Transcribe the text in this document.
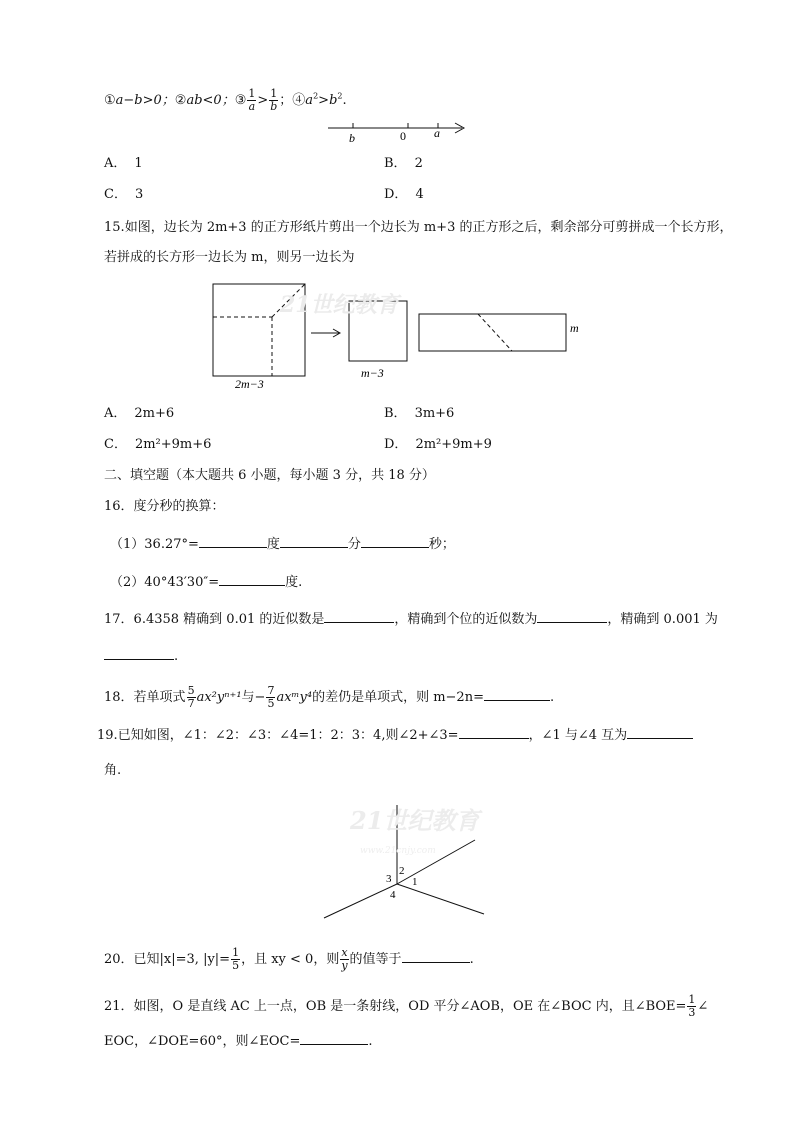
①a−b>0；②ab<0；③ $\frac{1}{a} > \frac{1}{b}$ ；$④a^2>b^2$.
b	0 a
A． 1	B． 2
C． 3	D． 4
15.如图，边长为 2m+3 的正方形纸片剪出一个边长为 m+3 的正方形之后，剩余部分可剪拼成一个长方形，
若拼成的长方形一边长为 m，则另一边长为
2m−3
m−3
m
21世纪教育
A． 2m+6	B． 3m+6
C． 2m²+9m+6	D． 2m²+9m+9
二、填空题（本大题共 6 小题，每小题 3 分，共 18 分）
16．度分秒的换算：
（1）36.27°=	度	分	秒；
（2）40°43′30″=	度.
17．6.4358 精确到 0.01 的近似数是	，精确到个位的近似数为	，精确到 0.001 为
.
18．若单项式 $\frac{5}{7} ax^2y^{n+1}$与− $\frac{7}{5}$ axᵐy⁴的差仍是单项式，则 m−2n=	.
19.已知如图，∠1：∠2：∠3：∠4=1：2：3：4,则∠2+∠3=	，∠1 与∠4 互为
角.
1
2
3
4
21世纪教育
www.21cnjy.com
20．已知|x|=3, $|y|= \frac{1}{5}$ ，且 xy < 0，则 $\frac{x}{y}$ 的值等于	.
21．如图，O 是直线 AC 上一点，OB 是一条射线，OD 平分∠AOB，OE 在∠BOC 内，且∠BOE= $\frac{1}{3}$ ∠
EOC，∠DOE=60°，则∠EOC=	.
